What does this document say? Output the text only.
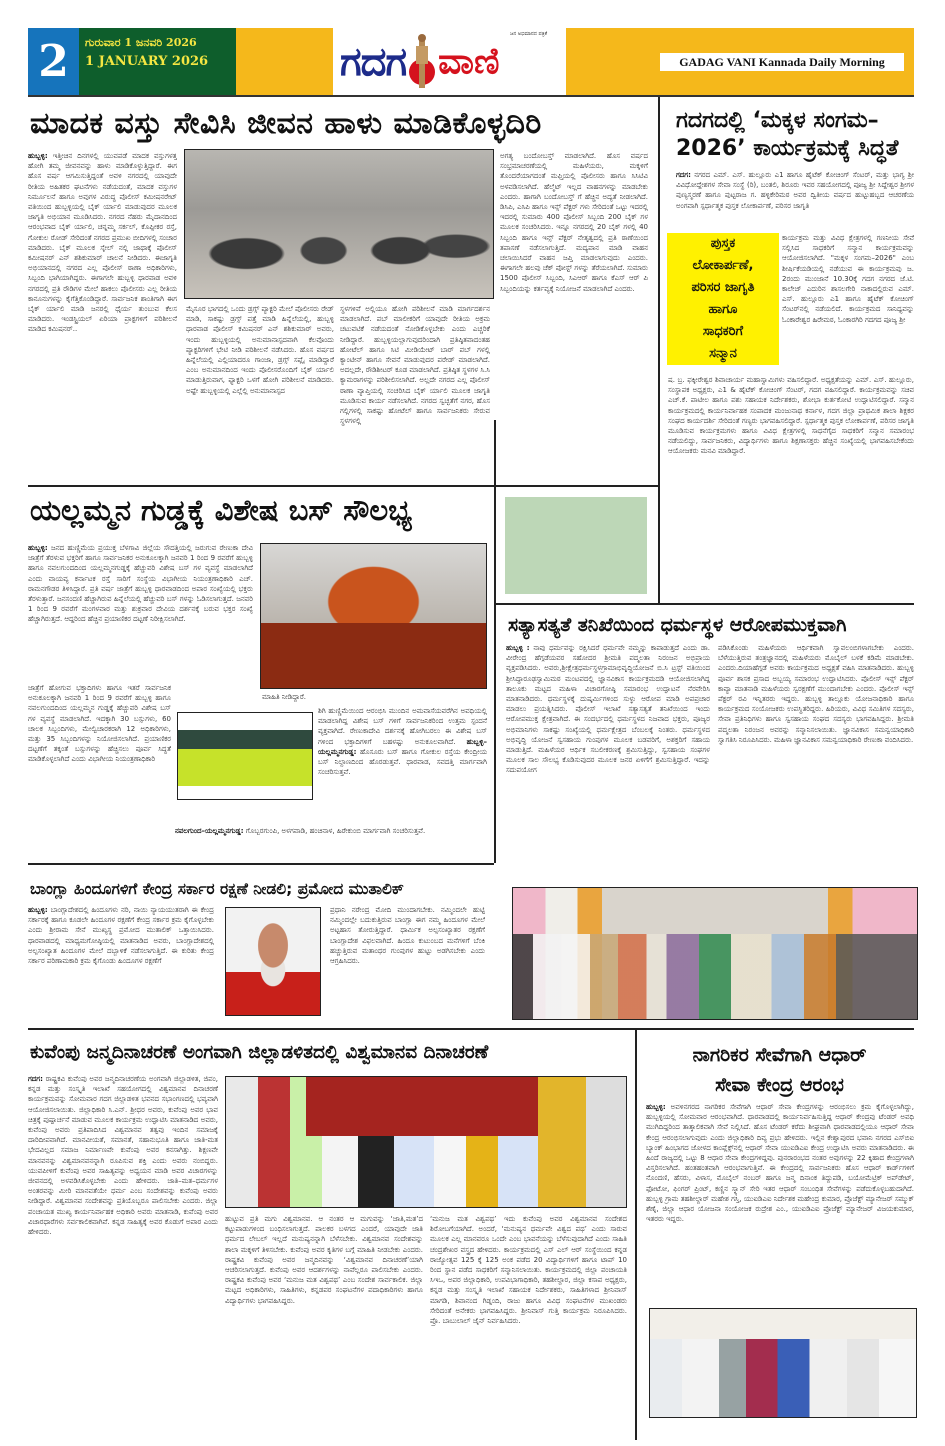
2	ಗುರುವಾರ 1 ಜನವರಿ 2026
1 JANUARY 2026	ಗದಗ ವಾಣಿ
ಜನ ಅಭಿಮಾನದ ಪತ್ರಿಕೆ
GADAG VANI Kannada Daily Morning
ಮಾದಕ ವಸ್ತು ಸೇವಿಸಿ ಜೀವನ ಹಾಳು ಮಾಡಿಕೊಳ್ಳದಿರಿ
ಹುಬ್ಬಳ್ಳಿ: ಇತ್ತೀಚಿನ ದಿನಗಳಲ್ಲಿ ಯುವಪಡೆ ಮಾದಕ ವಸ್ತುಗಳತ್ತ ಹೋಗಿ ತಮ್ಮ ಜೀವನವನ್ನು ಹಾಳು ಮಾಡಿಕೊಳ್ಳುತ್ತಿದ್ದಾರೆ. ಈಗ ಹೊಸ ವರ್ಷ ಆಗಮಿಸುತ್ತಿದ್ದಂತೆ ಅವಳಿ ನಗರದಲ್ಲಿ ಯಾವುದೇ ರೀತಿಯ ಅಹಿತಕರ ಘಟನೆಗಳು ನಡೆಯದಂತೆ, ಮಾದಕ ವಸ್ತುಗಳ ನಿರ್ಮೂಲನೆ ಹಾಗೂ ಅವುಗಳ ವಿರುದ್ಧ ಪೊಲೀಸ್ ಕಮೀಷನರೇಟ್ ವತಿಯಿಂದ ಹುಬ್ಬಳ್ಳಿಯಲ್ಲಿ ಬೈಕ್ ರ್ಯಾಲಿ ಮಾಡುವುದರ ಮೂಲಕ ಜಾಗೃತಿ ಅಭಿಯಾನ ಮೂಡಿಸಿದರು. ನಗರದ ನೆಹರು ಮೈದಾನದಿಂದ ಆರಂಭವಾದ ಬೈಕ್ ರ್ಯಾಲಿ, ಚನ್ನಮ್ಮ ಸರ್ಕಲ್, ಕೊಪ್ಪೀಕರ ರಸ್ತೆ, ಗೋಕುಲ ರೋಡ್ ಸೇರಿದಂತೆ ನಗರದ ಪ್ರಮುಖ ಬೀದಿಗಳಲ್ಲಿ ಸಂಚಾರ ಮಾಡಿದರು. ಬೈಕ್ ಮೂಲಕ ಸ್ಕೇಲ್ ನಲ್ಲಿ ಜಾಥಾಕ್ಕೆ ಪೊಲೀಸ್ ಕಮೀಷನರ್ ಎನ್ ಶಶಿಕುಮಾರ್ ಚಾಲನೆ ನೀಡಿದರು. ಈಜಾಗೃತಿ ಅಭಿಯಾನದಲ್ಲಿ ನಗರದ ಎಲ್ಲ ಪೊಲೀಸ್ ಠಾಣಾ ಅಧಿಕಾರಿಗಳು, ಸಿಬ್ಬಂದಿ ಭಾಗಿಯಾಗಿದ್ದರು. ಈಗಾಗಲೇ ಹುಬ್ಬಳ್ಳಿ ಧಾರವಾಡ ಅವಳಿ ನಗರದಲ್ಲಿ ಪ್ರತಿ ರೌಡಿಗಳ ಮೇಲೆ ಹಾಕಲು ಪೊಲೀಸರು ಎಲ್ಲ ರೀತಿಯ ಕಾನೂನುಗಳನ್ನು ಕೈಗೆತ್ತಿಕೊಂಡಿದ್ದಾರೆ. ಸಾರ್ವಜನಿಕ ಶಾಂತಿಗಾಗಿ ಈಗ ಬೈಕ್ ರ್ಯಾಲಿ ಮಾಡಿ ಜನರಲ್ಲಿ ಧೈರ್ಯ ತುಂಬುವ ಕೆಲಸ ಮಾಡಿದರು. ಇಂಡಸ್ಟ್ರಿಯಲ್ ಏರಿಯಾ ಪ್ರಾಕ್ಟಗಳಿಗೆ ಪರಿಶೀಲನೆ ಮಾಡಿದ ಕಮಿಷನರ್..
ಮೈಸೂರ ಭಾಗದಲ್ಲಿ ಒಂದು ಡ್ರಗ್ಸ್ ಪ್ಯಾಕ್ಟರಿ ಮೇಲೆ ಪೊಲೀಸರು ರೇಡ್ ಮಾಡಿ, ಸಾಕಷ್ಟು ಡ್ರಗ್ಸ್ ಪತ್ತೆ ಮಾಡಿ ಹಿನ್ನೆಲೆಯಲ್ಲಿ, ಹುಬ್ಬಳ್ಳಿ ಧಾರವಾಡ ಪೊಲೀಸ್ ಕಮಿಷನರ್ ಎನ್ ಶಶಿಕುಮಾರ್ ಅವರು, ಇಂದು ಹುಬ್ಬಳ್ಳಿಯಲ್ಲಿ ಅನುಮಾನಾಸ್ಪದವಾಗಿ ಕೆಲವೊಂದು ಪ್ಯಾಕ್ಟರಿಗಳಿಗೆ ಭೇಟಿ ನೀಡಿ ಪರಿಶೀಲನೆ ನಡೆಸಿದರು. ಹೊಸ ವರ್ಷದ ಹಿನ್ನೆಲೆಯಲ್ಲಿ ಎಲ್ಲಿಯಾದರೂ ಗಾಂಜಾ, ಡ್ರಗ್ಸ್ ಸಪ್ಲೈ ಮಾಡಿದ್ದಾರೆ ಎಂಬ ಅನುಮಾನದಿಂದ ಇಂದು ಪೊಲೀಸರೊಂದಿಗೆ ಬೈಕ್ ರ್ಯಾಲಿ ಮಾಡುತ್ತಿರುವಾಗ, ಫ್ಯಾಕ್ಟರಿ ಒಳಗೆ ಹೋಗಿ ಪರಿಶೀಲನೆ ಮಾಡಿದರು. ಅಷ್ಟೇ ಹುಬ್ಬಳ್ಳಿಯಲ್ಲಿ ಎಲ್ಲೆಲ್ಲಿ ಅನುಮಾನಾಸ್ಪದ
ಸ್ಥಳಗಳಿವೆ ಅಲ್ಲಿಯೂ ಹೋಗಿ ಪರಿಶೀಲನೆ ಮಾಡಿ ಮಾರ್ಗದರ್ಶನ ಮಾಡಲಾಗಿದೆ. ಪಬ್ ಮಾಲೀಕರಿಗೆ ಯಾವುದೇ ರೀತಿಯ ಅಕ್ರಮ ಚಟುವಟಿಕೆ ನಡೆಯದಂತೆ ನೋಡಿಕೊಳ್ಳಬೇಕು ಎಂದು ಎಚ್ಚರಿಕೆ ನೀಡಿದ್ದಾರೆ. ಹುಬ್ಬಳ್ಳಿಯಲ್ಲಾಗುವುದರಿಂದಾಗಿ ಪ್ರತಿಷ್ಠಿತವಾದಂತಹ ಹೋಟೆಲ್ ಹಾಗೂ ಸಿಟಿ ಮೀಡಿಯೇಟ್ ಬಾರ್ ಪಬ್ ಗಳಲ್ಲಿ ಕ್ಯಾಂಟೀನ್ ಹಾಗೂ ಸೇವನೆ ಮಾಡುವುದರ ಪರೇಡ್ ಮಾಡಲಾಗಿದೆ. ಅದಲ್ಲದೇ, ರೌಡಿಶೀಟರ್ ಕೂಡ ಮಾಡಲಾಗಿದೆ. ಪ್ರತಿಷ್ಠಿತ ಸ್ಥಳಗಳ ಸಿ.ಸಿ ಕ್ಯಾಮರಾಗಳನ್ನು ಪರಿಶೀಲಿಸಲಾಗಿದೆ. ಅಲ್ಲದೇ ನಗರದ ಎಲ್ಲ ಪೊಲೀಸ್ ಠಾಣಾ ವ್ಯಾಪ್ತಿಯಲ್ಲಿ ಸಂಚರಿಸಿದ ಬೈಕ್ ರ್ಯಾಲಿ ಮೂಲಕ ಜಾಗೃತಿ ಮೂಡಿಸುವ ಕಾರ್ಯ ನಡೆಸಲಾಗಿದೆ. ನಗರದ ಸ್ವಚ್ಛತೆಗೆ ನಗರ, ಹೊಸ ಗಲ್ಲಿಗಳಲ್ಲಿ ಸಾಕಷ್ಟು ಹೋಟೆಲ್ ಹಾಗೂ ಸಾರ್ವಜನಿಕರು ಸೇರುವ ಸ್ಥಳಗಳಲ್ಲಿ
ಅಗತ್ಯ ಬಂದೋಬಸ್ತ್ ಮಾಡಲಾಗಿದೆ. ಹೊಸ ವರ್ಷದ ಸಂಭ್ರಮಾಚರಣೆಯಲ್ಲಿ ಮಹಿಳೆಯರು, ಮಕ್ಕಳಿಗೆ ತೊಂದರೆಯಾಗದಂತೆ ಮಫ್ತಿಯಲ್ಲಿ ಪೊಲೀಸರು ಹಾಗೂ ಸಿಸಿಟಿವಿ ಅಳವಡಿಸಲಾಗಿದೆ. ಹೆಲ್ಮೆಟ್ ಇಲ್ಲದ ವಾಹನಗಳನ್ನು ಮಾಡಬೇಕು ಎಂದರು. ಹಾಗಾಗಿ ಬಂದೋಬಸ್ತ್ ಗೆ ಹೆಚ್ಚಿನ ಅದ್ಯತೆ ನೀಡಲಾಗಿದೆ. ಡಿಸಿಪಿ, ಎಸಿಪಿ ಹಾಗೂ ಇನ್ಸ್ ಪೆಕ್ಟರ್ ಗಳು ಸೇರಿದಂತೆ ಒಟ್ಟು ಇದರಲ್ಲಿ ಇದರಲ್ಲಿ ಸುಮಾರು 400 ಪೊಲೀಸ್ ಸಿಬ್ಬಂದಿ 200 ಬೈಕ್ ಗಳ ಮೂಲಕ ಸಂಚರಿಸಿದರು. ಇನ್ನೂ ನಗರದಲ್ಲಿ 20 ಬೈಕ್ ಗಳಲ್ಲಿ 40 ಸಿಬ್ಬಂದಿ ಹಾಗೂ ಇನ್ಸ್ ಪೆಕ್ಟರ್ ನೇತೃತ್ವದಲ್ಲಿ ಪ್ರತಿ ಠಾಣೆಯಿಂದ ತಪಾಸಣೆ ನಡೆಸಲಾಗುತ್ತಿದೆ. ಮದ್ಯಪಾನ ಮಾಡಿ ವಾಹನ ಚಲಾಯಿಸಿದರೆ ವಾಹನ ಜಪ್ತಿ ಮಾಡಲಾಗುವುದು ಎಂದರು. ಈಗಾಗಲೇ ಹಲವು ಚೆಕ್ ಪೋಸ್ಟ್ ಗಳನ್ನು ತೆರೆಯಲಾಗಿದೆ. ಸುಮಾರು 1500 ಪೊಲೀಸ್ ಸಿಬ್ಬಂದಿ, ಸಿಎಆರ್ ಹಾಗೂ ಕೆಎಸ್ ಆರ್ ಪಿ ಸಿಬ್ಬಂದಿಯನ್ನು ಕರ್ತವ್ಯಕ್ಕೆ ನಿಯೋಜನೆ ಮಾಡಲಾಗಿದೆ ಎಂದರು.
ಗದಗದಲ್ಲಿ ‘ಮಕ್ಕಳ ಸಂಗಮ–
2026’ ಕಾರ್ಯಕ್ರಮಕ್ಕೆ ಸಿದ್ಧತೆ
ಗದಗ: ನಗರದ ಎಮ್. ಎಸ್. ಹುಲ್ಲೂರು ಎ1 ಹಾಗೂ ಹೈಟೆಕ್ ಕೋಚಿಂಗ್ ಸೆಂಟರ್, ಮತ್ತು ಭಾಗ್ಯ ಶ್ರೀ ವಿವಿಧೋದ್ದೇಶಗಳ ಸೇವಾ ಸಂಸ್ಥೆ (ರಿ), ಬಂತಲಿ, ಶಿರೂರು ಇವರ ಸಹಯೋಗದಲ್ಲಿ ಪೂಜ್ಯ ಶ್ರೀ ಸಿದ್ದೇಶ್ವರ ಶ್ರೀಗಳ ಪುಣ್ಯಸ್ಮರಣೆ ಹಾಗೂ ಪುಟ್ಟರಾಜ ಗ. ಹಳ್ಳಿಕೇರಿಮಠ ಅವರ ದ್ವಿತೀಯ ವರ್ಷದ ಹುಟ್ಟುಹಬ್ಬದ ಆಚರಣೆಯ ಅಂಗವಾಗಿ ಸ್ಪರ್ಧಾತ್ಮಕ ಪುಸ್ತಕ ಲೋಕಾರ್ಪಣೆ, ಪರಿಸರ ಜಾಗೃತಿ
ಪುಸ್ತಕ
ಲೋಕಾರ್ಪಣೆ,
ಪರಿಸರ ಜಾಗೃತಿ
ಹಾಗೂ
ಸಾಧಕರಿಗೆ
ಸನ್ಮಾನ
ಕಾರ್ಯಕ್ರಮ ಮತ್ತು ವಿವಿಧ ಕ್ಷೇತ್ರಗಳಲ್ಲಿ ಗಣನೀಯ ಸೇವೆ ಸಲ್ಲಿಸಿದ ಸಾಧಕರಿಗೆ ಸನ್ಮಾನ ಕಾರ್ಯಕ್ರಮವನ್ನು ಆಯೋಜಿಸಲಾಗಿದೆ. "ಮಕ್ಕಳ ಸಂಗಮ–2026" ಎಂಬ ಶೀರ್ಷಿಕೆಯಡಿಯಲ್ಲಿ ನಡೆಯುವ ಈ ಕಾರ್ಯಕ್ರಮವು ಜ. 2ರಂದು ಮುಂಜಾನೆ 10.30ಕ್ಕೆ ಗದಗ ನಗರದ ಜೆ.ಟಿ. ಕಾಲೇಜ್ ಎದುರಿನ ಶಾಸಲಗೇರಿ ನಾಕಾದಲ್ಲಿರುವ ಎಮ್. ಎಸ್. ಹುಲ್ಲೂರು ಎ1 ಹಾಗೂ ಹೈಟೆಕ್ ಕೋಚಿಂಗ್ ಸೆಂಟರ್‌ನಲ್ಲಿ ನಡೆಯಲಿದೆ. ಕಾರ್ಯಕ್ರಮದ ಸಾನಿಧ್ಯವನ್ನು ಓಂಕಾರೇಶ್ವರ ಹಿರೇಮಠ, ಓಂಕಾರಗಿರಿ ಗದಗದ ಪೂಜ್ಯ ಶ್ರೀ
ಷ. ಬ್ರ. ಫಕ್ಕೀರೇಶ್ವರ ಶಿವಾಚಾರ್ಯ ಮಹಾಸ್ವಾಮಿಗಳು ವಹಿಸಲಿದ್ದಾರೆ. ಅಧ್ಯಕ್ಷತೆಯನ್ನು ಎಮ್. ಎಸ್. ಹುಲ್ಲೂರು, ಸಂಸ್ಥಾಪಕ ಅಧ್ಯಕ್ಷರು, ಎ1 & ಹೈಟೆಕ್ ಕೋಚಿಂಗ್ ಸೆಂಟರ್, ಗದಗ ವಹಿಸಲಿದ್ದಾರೆ. ಕಾರ್ಯಕ್ರಮವನ್ನು ಸಚಿವ ಎಚ್.ಕೆ. ಪಾಟೀಲ ಹಾಗೂ ಪಶು ಸಹಾಯಕ ನಿರ್ದೇಶಕರು, ಶೋಭಾ ಕುರ್ತಕೋಟಿ ಉದ್ಘಾಟಿಸಲಿದ್ದಾರೆ. ಸನ್ಮಾನ ಕಾರ್ಯಕ್ರಮದಲ್ಲಿ ಕಾರ್ಯನಿರ್ವಾಹಕ ಸಂಪಾದಕ ಮಂಜುನಾಥ ಕರ್ನಾಳ, ಗದಗ ಜಿಲ್ಲಾ ಪ್ರಾಥಮಿಕ ಶಾಲಾ ಶಿಕ್ಷಕರ ಸಂಘದ ಕಾರ್ಯದರ್ಶಿ ಸೇರಿದಂತೆ ಗಣ್ಯರು ಭಾಗವಹಿಸಲಿದ್ದಾರೆ. ಸ್ಪರ್ಧಾತ್ಮಕ ಪುಸ್ತಕ ಲೋಕಾರ್ಪಣೆ, ಪರಿಸರ ಜಾಗೃತಿ ಮೂಡಿಸುವ ಕಾರ್ಯಕ್ರಮಗಳು ಹಾಗೂ ವಿವಿಧ ಕ್ಷೇತ್ರಗಳಲ್ಲಿ ಸಾಧನೆಗೈದ ಸಾಧಕರಿಗೆ ಸನ್ಮಾನ ಸಮಾರಂಭ ನಡೆಯಲಿದ್ದು, ಸಾರ್ವಜನಿಕರು, ವಿದ್ಯಾರ್ಥಿಗಳು ಹಾಗೂ ಶಿಕ್ಷಣಾಸಕ್ತರು ಹೆಚ್ಚಿನ ಸಂಖ್ಯೆಯಲ್ಲಿ ಭಾಗವಹಿಸಬೇಕೆಂದು ಆಯೋಜಕರು ಮನವಿ ಮಾಡಿದ್ದಾರೆ.
ಯಲ್ಲಮ್ಮನ ಗುಡ್ಡಕ್ಕೆ ವಿಶೇಷ ಬಸ್ ಸೌಲಭ್ಯ
ಹುಬ್ಬಳ್ಳಿ: ಜನದ ಹುಣ್ಣಿಮೆಯ ಪ್ರಯುಕ್ತ ಬೆಳಗಾವಿ ಜಿಲ್ಲೆಯ ಸೌದತ್ತಿಯಲ್ಲಿ ಜರುಗುವ ರೇಣುಕಾ ದೇವಿ ಜಾತ್ರೆಗೆ ತೆರಳುವ ಭಕ್ತರಿಗೆ ಹಾಗೂ ಸಾರ್ವಜನಿಕರ ಅನುಕೂಲಕ್ಕಾಗಿ ಜನವರಿ 1 ರಿಂದ 9 ರವರೆಗೆ ಹುಬ್ಬಳ್ಳಿ ಹಾಗೂ ನವಲಗುಂದದಿಂದ ಯಲ್ಲಮ್ಮನಗುಡ್ಡಕ್ಕೆ ಹೆಚ್ಚುವರಿ ವಿಶೇಷ ಬಸ್ ಗಳ ವ್ಯವಸ್ಥೆ ಮಾಡಲಾಗಿದೆ ಎಂದು ವಾಯವ್ಯ ಕರ್ನಾಟಕ ರಸ್ತೆ ಸಾರಿಗೆ ಸಂಸ್ಥೆಯ ವಿಭಾಗೀಯ ನಿಯಂತ್ರಣಾಧಿಕಾರಿ ಎಚ್. ರಾಮನಗೌಡರ ತಿಳಿಸಿದ್ದಾರೆ. ಪ್ರತಿ ವರ್ಷ ಜಾತ್ರೆಗೆ ಹುಬ್ಬಳ್ಳಿ ಧಾರವಾಡದಿಂದ ಅಪಾರ ಸಂಖ್ಯೆಯಲ್ಲಿ ಭಕ್ತರು ತೆರಳುತ್ತಾರೆ. ಜನಸಂದಣಿ ಹೆಚ್ಚಾಗಿರುವ ಹಿನ್ನೆಲೆಯಲ್ಲಿ ಹೆಚ್ಚುವರಿ ಬಸ್ ಗಳನ್ನು ಓಡಿಸಲಾಗುತ್ತದೆ. ಜನವರಿ 1 ರಿಂದ 9 ರವರೆಗೆ ಮಂಗಳವಾರ ಮತ್ತು ಶುಕ್ರವಾರ ದೇವಿಯ ದರ್ಶನಕ್ಕೆ ಬರುವ ಭಕ್ತರ ಸಂಖ್ಯೆ ಹೆಚ್ಚಾಗಿರುತ್ತದೆ. ಆದ್ದರಿಂದ ಹೆಚ್ಚಿನ ಪ್ರಯಾಣಿಕರ ದಟ್ಟಣೆ ನಿರೀಕ್ಷಿಸಲಾಗಿದೆ.
ಮಾಹಿತಿ ನೀಡಿದ್ದಾರೆ.
ಜಾತ್ರೆಗೆ ಹೋಗುವ ಭಕ್ತಾದಿಗಳು ಹಾಗೂ ಇತರೆ ಸಾರ್ವಜನಿಕ ಅನುಕೂಲಕ್ಕಾಗಿ ಜನವರಿ 1 ರಿಂದ 9 ರವರೆಗೆ ಹುಬ್ಬಳ್ಳಿ ಹಾಗೂ ನವಲಗುಂದದಿಂದ ಯಲ್ಲಮ್ಮನ ಗುಡ್ಡಕ್ಕೆ ಹೆಚ್ಚುವರಿ ವಿಶೇಷ ಬಸ್ ಗಳ ವ್ಯವಸ್ಥೆ ಮಾಡಲಾಗಿದೆ. ಇದಕ್ಕಾಗಿ 30 ಬಸ್ಸುಗಳು, 60 ಚಾಲಕ ಸಿಬ್ಬಂದಿಗಳು, ಮೇಲ್ವಿಚಾರಕರಾಗಿ 12 ಅಧಿಕಾರಿಗಳು, ಮತ್ತು 35 ಸಿಬ್ಬಂದಿಗಳನ್ನು ನಿಯೋಜಿಸಲಾಗಿದೆ. ಪ್ರಯಾಣಿಕರ ದಟ್ಟಣೆಗೆ ತಕ್ಕಂತೆ ಬಸ್ಸುಗಳನ್ನು ಹೆಚ್ಚಿಸಲು ಪೂರ್ವ ಸಿದ್ಧತೆ ಮಾಡಿಕೊಳ್ಳಲಾಗಿದೆ ಎಂದು ವಿಭಾಗೀಯ ನಿಯಂತ್ರಣಾಧಿಕಾರಿ
ಶಿಗಿ ಹುಣ್ಣಿಮೆಯಿಂದ ಆರಂಭಿಸಿ ಮುಂದಿನ ಅಮವಾಸೆಯವರೆಗಿನ ಅವಧಿಯಲ್ಲಿ ಮಾಡಲಾಗಿದ್ದ ವಿಶೇಷ ಬಸ್ ಗಳಿಗೆ ಸಾರ್ವಜನಿಕರಿಂದ ಉತ್ತಮ ಸ್ಪಂದನೆ ವ್ಯಕ್ತವಾಗಿದೆ. ರೇಣುಕಾದೇವಿ ದರ್ಶನಕ್ಕೆ ಹೋಗಿಬರಲು ಈ ವಿಶೇಷ ಬಸ್ ಗಳಿಂದ ಭಕ್ತಾದಿಗಳಿಗೆ ಬಹಳಷ್ಟು ಅನುಕೂಲವಾಗಿದೆ. ಹುಬ್ಬಳ್ಳಿ–ಯಲ್ಲಮ್ಮನಗುಡ್ಡ: ಹೊಸೂರು ಬಸ್ ಹಾಗೂ ಗೋಕುಲ ರಸ್ತೆಯ ಕೇಂದ್ರೀಯ ಬಸ್ ನಿಲ್ದಾಣದಿಂದ ಹೊರಡುತ್ತವೆ. ಧಾರವಾಡ, ಸವದತ್ತಿ ಮಾರ್ಗವಾಗಿ ಸಂಚರಿಸುತ್ತವೆ.
ನವಲಗುಂದ–ಯಲ್ಲಮ್ಮನಗುಡ್ಡ: ಗೊಬ್ಬರಗುಂಪಿ, ಅಳಗವಾಡಿ, ಹಂಚಿನಾಳ, ಹಿರೇಕುಂಬಿ ಮಾರ್ಗವಾಗಿ ಸಂಚರಿಸುತ್ತವೆ.
ಸತ್ಯಾಸತ್ಯತೆ ತನಿಖೆಯಿಂದ ಧರ್ಮಸ್ಥಳ ಆರೋಪಮುಕ್ತವಾಗಿ
ಹುಬ್ಬಳ್ಳಿ : ನಾವು ಧರ್ಮವನ್ನು ರಕ್ಷಿಸಿದರೆ ಧರ್ಮವೇ ನಮ್ಮನ್ನು ಕಾಪಾಡುತ್ತದೆ ಎಂದು ಡಾ. ವೀರೇಂದ್ರ ಹೆಗ್ಗಡೆಯವರ ಸಹೋದರ ಶ್ರೀಮತಿ ಪದ್ಮಲತಾ ನಿರಂಜನ ಅಭಿಪ್ರಾಯ ವ್ಯಕ್ತಪಡಿಸಿದರು. ಅವರು,ಶ್ರೀಕ್ಷೇತ್ರಧರ್ಮಸ್ಥಳಗ್ರಾಮಾಭಿವೃದ್ಧಿಯೋಜನೆ ಬಿ.ಸಿ ಟ್ರಸ್ಟ್ ವತಿಯಿಂದ ಶ್ರೀಸಿದ್ಧಾರೂಢಸ್ವಾಮಿಮಠ ಮಂಟಪದಲ್ಲಿ ಜ್ಞಾನವಿಕಾಸ ಕಾರ್ಯಕ್ರಮದಡಿ ಆಯೋಜಿಸಲಾಗಿದ್ದ ತಾಲೂಕು ಮಟ್ಟದ ಮಹಿಳಾ ವಿಚಾರಗೋಷ್ಠಿ ಸಮಾರಂಭ ಉದ್ಘಾಟನೆ ನೆರವೇರಿಸಿ ಮಾತನಾಡಿದರು. ಧರ್ಮಸ್ಥಳಕ್ಕೆ ದುಷ್ಕರ್ಮಿಗಳಿಂದ ಸುಳ್ಳು ಆರೋಪ ಮಾಡಿ ಅಪಪ್ರಚಾರ ಮಾಡಲು ಪ್ರಯತ್ನಿಸಿದರು. ಪೊಲೀಸ್ ಇಲಾಖೆ ಸತ್ಯಾಸತ್ಯತೆ ತನಿಖೆಯಿಂದ ಇಂದು ಆರೋಪಮುಕ್ತ ಕ್ಷೇತ್ರವಾಗಿದೆ. ಈ ಸಂದರ್ಭದಲ್ಲಿ ಧರ್ಮಸ್ಥಳದ ನಿಜವಾದ ಭಕ್ತರು, ಪೂಜ್ಯರ ಅಭಿಮಾನಿಗಳು ಸಾಕಷ್ಟು ಸಂಖ್ಯೆಯಲ್ಲಿ ಧರ್ಮಕ್ಷೇತ್ರದ ಬೆಂಬಲಕ್ಕೆ ನಿಂತರು. ಧರ್ಮಸ್ಥಳದ ಅಭಿವೃದ್ಧಿ ಯೋಜನೆ ಸ್ವಸಹಾಯ ಗುಂಪುಗಳ ಮೂಲಕ ಬಡವರಿಗೆ, ಅಶಕ್ತರಿಗೆ ಸಹಾಯ ಮಾಡುತ್ತಿದೆ. ಮಹಿಳೆಯರ ಆರ್ಥಿಕ ಸಬಲೀಕರಣಕ್ಕೆ ಶ್ರಮಿಸುತ್ತಿದ್ದು, ಸ್ವಸಹಾಯ ಸಂಘಗಳ ಮೂಲಕ ಸಾಲ ಸೌಲಭ್ಯ ಕೊಡಿಸುವುದರ ಮೂಲಕ ಜನರ ಏಳಿಗೆಗೆ ಶ್ರಮಿಸುತ್ತಿದ್ದಾರೆ. ಇದನ್ನು ಸದುಪಯೋಗ
ಪಡಿಸಿಕೊಂಡು ಮಹಿಳೆಯರು ಆರ್ಥಿಕವಾಗಿ ಸ್ವಾವಲಂಬಿಗಳಾಗಬೇಕು ಎಂದರು. ಬೆಳೆಯುತ್ತಿರುವ ತಂತ್ರಜ್ಞಾನದಲ್ಲಿ ಮಹಿಳೆಯರು ಮೊಬೈಲ್ ಬಳಕೆ ಕಡಿಮೆ ಮಾಡಬೇಕು. ಎಂದರು.ದಿಯಾಹೆಗ್ಗಡೆ ಅವರು ಕಾರ್ಯಕ್ರಮದ ಅಧ್ಯಕ್ಷತೆ ವಹಿಸಿ ಮಾತನಾಡಿದರು. ಹುಬ್ಬಳ್ಳಿ ಪೂರ್ವ ಶಾಸಕ ಪ್ರಸಾದ ಅಬ್ಬಯ್ಯ ಸಮಾರಂಭ ಉದ್ಘಾಟಿಸಿದರು. ಪೊಲೀಸ್ ಇನ್ಸ್ ಪೆಕ್ಟರ್ ಕಾವ್ಯಾ ಮಾತನಾಡಿ ಮಹಿಳೆಯರು ಸ್ವರಕ್ಷಣೆಗೆ ಮುಂದಾಗಬೇಕು ಎಂದರು. ಪೊಲೀಸ್ ಇನ್ಸ್ ಪೆಕ್ಟರ್ ರವಿ ಇನ್ನಿತರರು ಇದ್ದರು. ಹುಬ್ಬಳ್ಳಿ ತಾಲ್ಲೂಕು ಯೋಜನಾಧಿಕಾರಿ ಹಾಗೂ ಕಾರ್ಯಕ್ರಮದ ಸಂಯೋಜಕರು ಉಪಸ್ಥಿತರಿದ್ದರು. ಹಿರಿಯರು, ವಿವಿಧ ಸಮಿತಿಗಳ ಸದಸ್ಯರು, ಸೇವಾ ಪ್ರತಿನಿಧಿಗಳು ಹಾಗೂ ಸ್ವಸಹಾಯ ಸಂಘದ ಸದಸ್ಯರು ಭಾಗವಹಿಸಿದ್ದರು. ಶ್ರೀಮತಿ ಪದ್ಮಲತಾ ನಿರಂಜನ ಅವರನ್ನು ಸನ್ಮಾನಿಸಲಾಯಿತು. ಜ್ಞಾನವಿಕಾಸ ಸಮನ್ವಯಾಧಿಕಾರಿ ಸ್ವಾಗತಿಸಿ ನಿರೂಪಿಸಿದರು. ಮಹಿಳಾ ಜ್ಞಾನವಿಕಾಸ ಸಮನ್ವಯಾಧಿಕಾರಿ ರೇಣುಕಾ ವಂದಿಸಿದರು.
ಬಾಂಗ್ಲಾ ಹಿಂದೂಗಳಿಗೆ ಕೇಂದ್ರ ಸರ್ಕಾರ ರಕ್ಷಣೆ ನೀಡಲಿ; ಪ್ರಮೋದ ಮುತಾಲಿಕ್
ಹುಬ್ಬಳ್ಳಿ: ಬಾಂಗ್ಲಾದೇಶದಲ್ಲಿ ಹಿಂದೂಗಳು ನರಿ, ನಾಯಿ ನ್ಯಾಯಯುತರಾಗಿ ಈ ಕೇಂದ್ರ ಸರ್ಕಾರಕ್ಕೆ ಹಾಗೂ ಕೂಡಲೇ ಹಿಂದೂಗಳ ರಕ್ಷಣೆಗೆ ಕೇಂದ್ರ ಸರ್ಕಾರ ಕ್ರಮ ಕೈಗೊಳ್ಳಬೇಕು ಎಂದು ಶ್ರೀರಾಮ ಸೇನೆ ಮುಖ್ಯಸ್ಥ ಪ್ರಮೋದ ಮುತಾಲಿಕ್ ಒತ್ತಾಯಿಸಿದರು. ಧಾರವಾಡದಲ್ಲಿ ಮಾಧ್ಯಮಗೋಷ್ಠಿಯಲ್ಲಿ ಮಾತನಾಡಿದ ಅವರು, ಬಾಂಗ್ಲಾದೇಶದಲ್ಲಿ ಅಲ್ಪಸಂಖ್ಯಾತ ಹಿಂದೂಗಳ ಮೇಲೆ ದಬ್ಬಾಳಿಕೆ ನಡೆಸಲಾಗುತ್ತಿದೆ. ಈ ಕುರಿತು ಕೇಂದ್ರ ಸರ್ಕಾರ ಪರಿಣಾಮಕಾರಿ ಕ್ರಮ ಕೈಗೊಂಡು ಹಿಂದೂಗಳ ರಕ್ಷಣೆಗೆ
ಪ್ರಧಾನಿ ನರೇಂದ್ರ ಮೋದಿ ಮುಂದಾಗಬೇಕು. ನಮ್ಮಿಂದಲೇ ಹುಟ್ಟಿ ನಮ್ಮಿಂದಲ್ಲೇ ಬದುಕುತ್ತಿರುವ ಬಾಂಗ್ಲಾ ಈಗ ನಮ್ಮ ಹಿಂದೂಗಳ ಮೇಲೆ ಅಟ್ಟಹಾಸ ತೋರುತ್ತಿದ್ದಾರೆ. ಧಾರ್ಮಿಕ ಅಲ್ಪಸಂಖ್ಯಾತರ ರಕ್ಷಣೆಗೆ ಬಾಂಗ್ಲಾದೇಶ ವಿಫಲವಾಗಿದೆ. ಹಿಂದೂ ಕುಟುಂಬದ ಮನೆಗಳಿಗೆ ಬೆಂಕಿ ಹಚ್ಚುತ್ತಿರುವ ಮತಾಂಧರ ಗುಂಪುಗಳ ಹುಟ್ಟು ಅಡಗಿಸಬೇಕು ಎಂದು ಆಗ್ರಹಿಸಿದರು.
ಕುವೆಂಪು ಜನ್ಮದಿನಾಚರಣೆ ಅಂಗವಾಗಿ ಜಿಲ್ಲಾಡಳಿತದಲ್ಲಿ ವಿಶ್ವಮಾನವ ದಿನಾಚರಣೆ
ಗದಗ: ರಾಷ್ಟ್ರಕವಿ ಕುವೆಂಪು ಅವರ ಜನ್ಮದಿನಾಚರಣೆಯ ಅಂಗವಾಗಿ ಜಿಲ್ಲಾಡಳಿತ, ಜಿಪಂ, ಕನ್ನಡ ಮತ್ತು ಸಂಸ್ಕೃತಿ ಇಲಾಖೆ ಸಹಯೋಗದಲ್ಲಿ ವಿಶ್ವಮಾನವ ದಿನಾಚರಣೆ ಕಾರ್ಯಕ್ರಮವನ್ನು ಸೋಮವಾರ ಗದಗ ಜಿಲ್ಲಾಡಳಿತ ಭವನದ ಸಭಾಂಗಣದಲ್ಲಿ ಭವ್ಯವಾಗಿ ಆಯೋಜಿಸಲಾಯಿತು. ಜಿಲ್ಲಾಧಿಕಾರಿ ಸಿ.ಎನ್. ಶ್ರೀಧರ ಅವರು, ಕುವೆಂಪು ಅವರ ಭಾವ ಚಿತ್ರಕ್ಕೆ ಪುಷ್ಪಾರ್ಚನೆ ಮಾಡುವ ಮೂಲಕ ಕಾರ್ಯಕ್ರಮ ಉದ್ಘಾಟಿಸಿ ಮಾತನಾಡಿದ ಅವರು, ಕುವೆಂಪು ಅವರು ಪ್ರತಿಪಾದಿಸಿದ ವಿಶ್ವಮಾನವ ತತ್ವವು ಇಂದಿನ ಸಮಾಜಕ್ಕೆ ದಾರಿದೀಪವಾಗಿದೆ. ಮಾನವೀಯತೆ, ಸಮಾನತೆ, ಸಹಾನುಭೂತಿ ಹಾಗೂ ಜಾತಿ-ಮತ ಭೇದವಿಲ್ಲದ ಸಮಾಜ ನಿರ್ಮಾಣವೇ ಕುವೆಂಪು ಅವರ ಕನಸಾಗಿತ್ತು. ಶಿಕ್ಷಣವೇ ಮಾನವನನ್ನು ವಿಶ್ವಮಾನವನನ್ನಾಗಿ ರೂಪಿಸುವ ಶಕ್ತಿ ಎಂದು ಅವರು ನಂಬಿದ್ದರು. ಯುವಪೀಳಿಗೆ ಕುವೆಂಪು ಅವರ ಸಾಹಿತ್ಯವನ್ನು ಅಧ್ಯಯನ ಮಾಡಿ ಅವರ ವಿಚಾರಗಳನ್ನು ಜೀವನದಲ್ಲಿ ಅಳವಡಿಸಿಕೊಳ್ಳಬೇಕು ಎಂದು ಹೇಳಿದರು. ಜಾತಿ–ಮತ–ಧರ್ಮಗಳ ಅಂತರವನ್ನು ಮೀರಿ ಮಾನವತೆಯೇ ಧರ್ಮ ಎಂಬ ಸಂದೇಶವನ್ನು ಕುವೆಂಪು ಅವರು ನೀಡಿದ್ದಾರೆ. ವಿಶ್ವಮಾನವ ಸಂದೇಶವನ್ನು ಪ್ರತಿಯೊಬ್ಬರೂ ಪಾಲಿಸಬೇಕು ಎಂದರು. ಜಿಲ್ಲಾ ಪಂಚಾಯತ ಮುಖ್ಯ ಕಾರ್ಯನಿರ್ವಾಹಕ ಅಧಿಕಾರಿ ಅವರು ಮಾತನಾಡಿ, ಕುವೆಂಪು ಅವರ ವಿಚಾರಧಾರೆಗಳು ಸರ್ವಕಾಲಿಕವಾಗಿವೆ. ಕನ್ನಡ ಸಾಹಿತ್ಯಕ್ಕೆ ಅವರ ಕೊಡುಗೆ ಅಪಾರ ಎಂದು ಹೇಳಿದರು.
ಹುಟ್ಟುವ ಪ್ರತಿ ಮಗು ವಿಶ್ವಮಾನವ. ಆ ನಂತರ ಆ ಮಗುವನ್ನು ‘ಜಾತಿ,ಮತ’ದ ಕಟ್ಟುಪಾಡುಗಳಿಂದ ಬಂಧಿಸಲಾಗುತ್ತದೆ. ಪಾಲಕರ ಬಳಗದ ಎಂದರೆ, ಯಾವುದೇ ಜಾತಿ ಧರ್ಮದ ಲೇಬಲ್ ಇಲ್ಲದೆ ಮನುಷ್ಯನನ್ನಾಗಿ ಬೆಳೆಸಬೇಕು. ವಿಶ್ವಮಾನವ ಸಂದೇಶವನ್ನು ಶಾಲಾ ಮಕ್ಕಳಿಗೆ ತಿಳಿಸಬೇಕು. ಕುವೆಂಪು ಅವರ ಕೃತಿಗಳ ಬಗ್ಗೆ ಮಾಹಿತಿ ನೀಡಬೇಕು ಎಂದರು. ರಾಷ್ಟ್ರಕವಿ ಕುವೆಂಪು ಅವರ ಜನ್ಮದಿನವನ್ನು ‘ವಿಶ್ವಮಾನವ ದಿನಾಚರಣೆ’ಯಾಗಿ ಆಚರಿಸಲಾಗುತ್ತದೆ. ಕುವೆಂಪು ಅವರ ಆದರ್ಶಗಳನ್ನು ನಾವೆಲ್ಲರೂ ಪಾಲಿಸಬೇಕು ಎಂದರು. ರಾಷ್ಟ್ರಕವಿ ಕುವೆಂಪು ಅವರ ‘ಮನುಜ ಮತ ವಿಶ್ವಪಥ’ ಎಂಬ ಸಂದೇಶ ಸಾರ್ವಕಾಲಿಕ. ಜಿಲ್ಲಾ ಮಟ್ಟದ ಅಧಿಕಾರಿಗಳು, ಸಾಹಿತಿಗಳು, ಕನ್ನಡಪರ ಸಂಘಟನೆಗಳ ಪದಾಧಿಕಾರಿಗಳು ಹಾಗೂ ವಿದ್ಯಾರ್ಥಿಗಳು ಭಾಗವಹಿಸಿದ್ದರು.
‘ಮನುಜ ಮತ ವಿಶ್ವಪಥ’ ಇದು ಕುವೆಂಪು ಅವರ ವಿಶ್ವಮಾನವ ಸಂದೇಶದ ಶಿರೋಬಗೆಯಾಗಿದೆ. ಅಂದರೆ, ‘ಮನುಷ್ಯನ ಧರ್ಮವೇ ವಿಶ್ವದ ಪಥ’ ಎಂದು ಸಾರುವ ಮೂಲಕ ಎಲ್ಲ ಮಾನವರೂ ಒಂದೇ ಎಂಬ ಭಾವನೆಯನ್ನು ಬೆಳೆಸುವುದಾಗಿದೆ ಎಂದು ಸಾಹಿತಿ ಚಂದ್ರಶೇಖರ ವಸ್ತ್ರದ ಹೇಳಿದರು. ಕಾರ್ಯಕ್ರಮದಲ್ಲಿ ಎಸ್ ಎಲ್ ಆರ್ ಸಂಸ್ಥೆಯಿಂದ ಕನ್ನಡ ರಾಜ್ಯೋತ್ಸವ 125 ಕ್ಕೆ 125 ಅಂಕ ಪಡೆದ 20 ವಿದ್ಯಾರ್ಥಿಗಳಿಗೆ ಹಾಗೂ ಟಾಪ್ 10 ರಿಂದ ಸ್ಥಾನ ಪಡೆದ ಸಾಧಕರಿಗೆ ಸನ್ಮಾನಿಸಲಾಯಿತು. ಕಾರ್ಯಕ್ರಮದಲ್ಲಿ ಜಿಲ್ಲಾ ಪಂಚಾಯತಿ ಸಿಇಒ, ಅಪರ ಜಿಲ್ಲಾಧಿಕಾರಿ, ಉಪವಿಭಾಗಾಧಿಕಾರಿ, ತಹಶೀಲ್ದಾರ, ಜಿಲ್ಲಾ ಕಸಾಪ ಅಧ್ಯಕ್ಷರು, ಕನ್ನಡ ಮತ್ತು ಸಂಸ್ಕೃತಿ ಇಲಾಖೆ ಸಹಾಯಕ ನಿರ್ದೇಶಕರು, ಸಾಹಿತಿಗಳಾದ ಶ್ರೀನಿವಾಸ್ ಮಾಗಡಿ, ಶಿವಾನಂದ ಗಿಡ್ನಂದಿ, ರಾಜು ಹಾಗೂ ವಿವಿಧ ಸಂಘಟನೆಗಳ ಮುಖಂಡರು ಸೇರಿದಂತೆ ಅನೇಕರು ಭಾಗವಹಿಸಿದ್ದರು. ಶ್ರೀನಿವಾಸ್ ಗುತ್ತಿ ಕಾರ್ಯಕ್ರಮ ನಿರೂಪಿಸಿದರು. ಪ್ರೊ. ಬಾಬುಲಾಲ್ ಜೈನ್ ನಿರ್ವಹಿಸಿದರು.
ನಾಗರಿಕರ ಸೇವೆಗಾಗಿ ಆಧಾರ್
ಸೇವಾ ಕೇಂದ್ರ ಆರಂಭ
ಹುಬ್ಬಳ್ಳಿ: ಅವಳಿನಗರದ ನಾಗರಿಕರ ಸೇವೆಗಾಗಿ ಆಧಾರ್ ಸೇವಾ ಕೇಂದ್ರಗಳನ್ನು ಆರಂಭಿಸಲು ಕ್ರಮ ಕೈಗೊಳ್ಳಲಾಗಿದ್ದು, ಹುಬ್ಬಳ್ಳಿಯಲ್ಲಿ ಸೋಮವಾರ ಆರಂಭವಾಗಿದೆ. ಧಾರವಾಡದಲ್ಲಿ ಕಾರ್ಯನಿರ್ವಹಿಸುತ್ತಿದ್ದ ಆಧಾರ್ ಕೇಂದ್ರವು ಟೆಂಡರ್ ಅವಧಿ ಮುಗಿದಿದ್ದರಿಂದ ತಾತ್ಕಾಲಿಕವಾಗಿ ಸೇವೆ ನಿಲ್ಲಿಸಿದೆ. ಹೊಸ ಟೆಂಡರ್ ಕರೆದು ಶೀಘ್ರವಾಗಿ ಧಾರವಾಡದಲ್ಲಿಯೂ ಆಧಾರ್ ಸೇವಾ ಕೇಂದ್ರ ಆರಂಭಿಸಲಾಗುವುದು ಎಂದು ಜಿಲ್ಲಾಧಿಕಾರಿ ದಿವ್ಯ ಪ್ರಭು ಹೇಳಿದರು. ಇಲ್ಲಿನ ಕೇಶ್ವಾಪುರದ ಭವಾನಿ ನಗರದ ಎಸ್‌ಬಿಐ ಬ್ಯಾಂಕ್ ಹಿಂಭಾಗದ ಜೋಳದ ಕಾಂಪ್ಲೆಕ್ಸ್‌ನಲ್ಲಿ ಆಧಾರ್ ಸೇವಾ ಯುಐಡಿಎಐ ಕೇಂದ್ರ ಉದ್ಘಾಟಿಸಿ ಅವರು ಮಾತನಾಡಿದರು. ಈ ಹಿಂದೆ ರಾಜ್ಯದಲ್ಲಿ ಒಟ್ಟು 8 ಆಧಾರ ಸೇವಾ ಕೇಂದ್ರಗಳಿದ್ದವು. ಪುನರಾರಂಭದ ನಂತರ ಅವುಗಳನ್ನು 22 ಕ್ಕಿಹಾದ ಕೇಂದ್ರಗಳಾಗಿ ವಿಸ್ತರಿಸಲಾಗಿದೆ. ಹಂತಹಂತವಾಗಿ ಆರಂಭವಾಗುತ್ತಿವೆ. ಈ ಕೇಂದ್ರದಲ್ಲಿ ಸಾರ್ವಜನಿಕರು ಹೊಸ ಆಧಾರ್ ಕಾರ್ಡ್‌ಗಳಿಗೆ ನೊಂದಣಿ, ಹೆಸರು, ವಿಳಾಸ, ಮೊಬೈಲ್ ನಂಬರ್ ಹಾಗೂ ಜನ್ಮ ದಿನಾಂಕ ತಿದ್ದುಪಡಿ, ಬಯೋಮೆಟ್ರಿಕ್ ಅಪ್‌ಡೇಟ್, ಫೋಟೋ, ಫಿಂಗರ್ ಪ್ರಿಂಟ್, ಕಣ್ಣಿನ ಸ್ಕ್ಯಾನ್ ಸೇರಿ ಇತರ ಆಧಾರ್ ಸಂಬಂಧಿತ ಸೇವೆಗಳನ್ನು ಪಡೆದುಕೊಳ್ಳಬಹುದಾಗಿದೆ. ಹುಬ್ಬಳ್ಳಿ ಗ್ರಾಮ ತಹಶೀಲ್ದಾರ್ ಮಹೇಶ ಗಸ್ತಿ, ಯುಐಡಿಎಐ ನಿರ್ದೇಶಕ ಮಹೇಂದ್ರ ಕುಮಾರ, ಪ್ರೊಜೆಕ್ಟ್ ಮ್ಯಾನೇಜರ್ ಸಮ್ಮುಕ್ ಶೆಣೈ, ಜಿಲ್ಲಾ ಆಧಾರ ಯೋಜನಾ ಸಂಯೋಜಕ ರುದ್ರೇಶ ಎಂ., ಯುಐಡಿಎಐ ಪ್ರೊಜೆಕ್ಟ್ ಮ್ಯಾನೇಜರ್ ವಿಜಯಕುಮಾರ, ಇತರರು ಇದ್ದರು.
